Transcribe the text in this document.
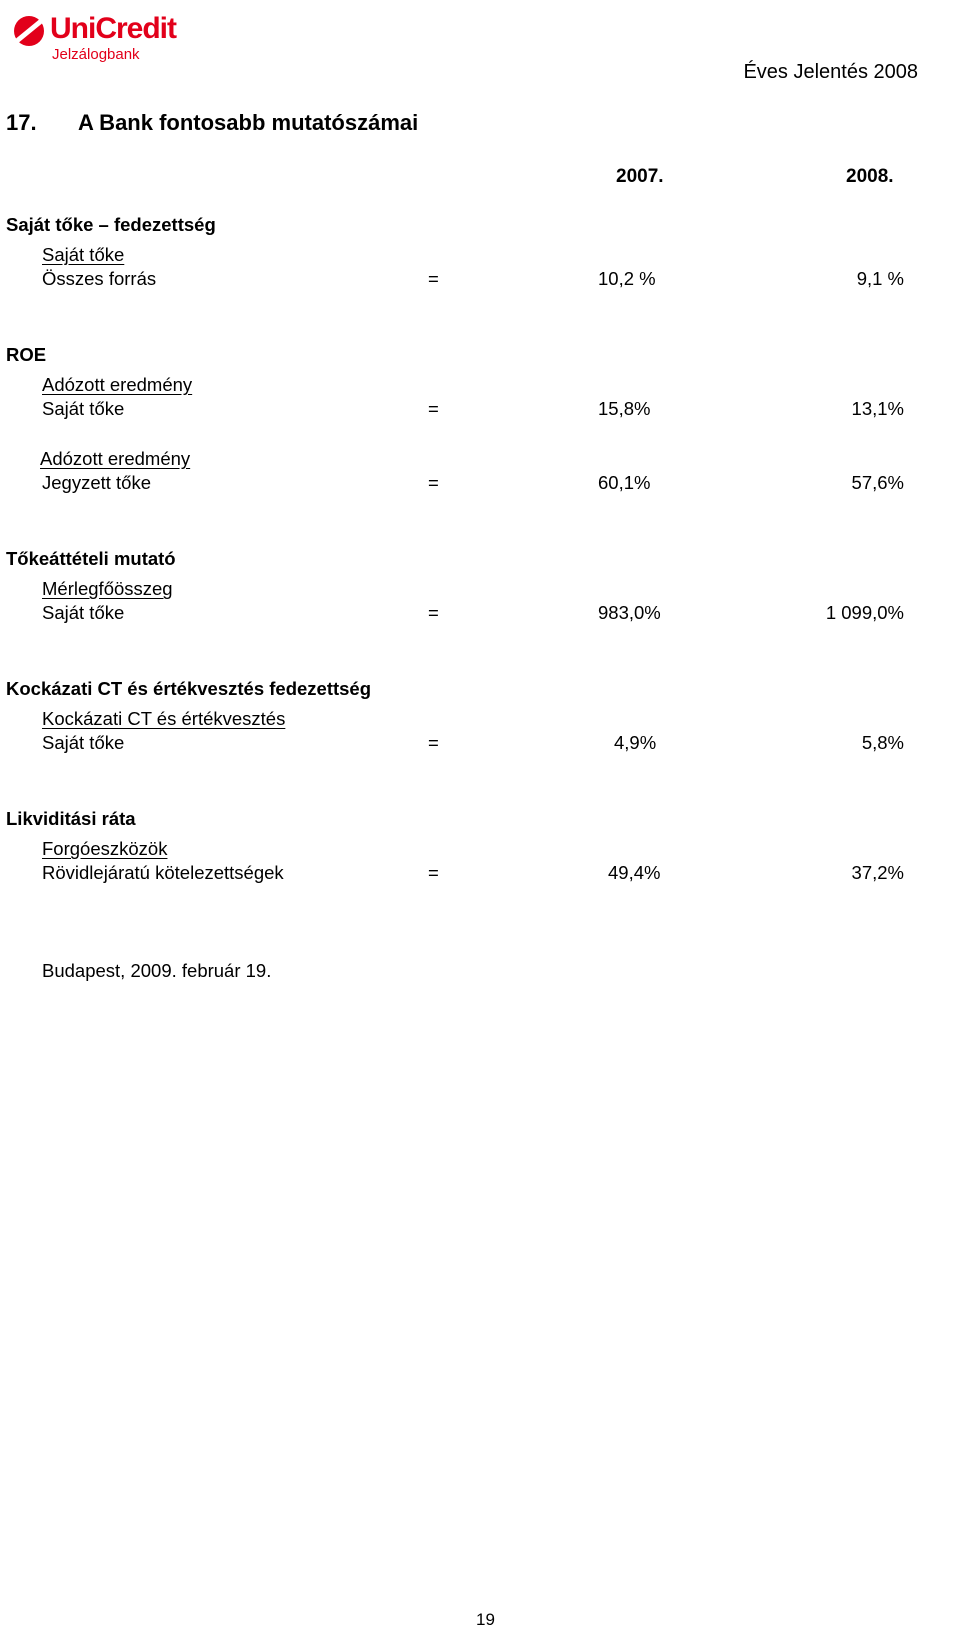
UniCredit
Jelzálogbank
Éves Jelentés 2008
17. A Bank fontosabb mutatószámai
2007.	2008.
Saját tőke – fedezettség
Saját tőke
Összes forrás	=	10,2 %	9,1 %
ROE
Adózott eredmény
Saját tőke	=	15,8%	13,1%
Adózott eredmény
Jegyzett tőke	=	60,1%	57,6%
Tőkeáttételi mutató
Mérlegfőösszeg
Saját tőke	=	983,0%	1 099,0%
Kockázati CT és értékvesztés fedezettség
Kockázati CT és értékvesztés
Saját tőke	=	4,9%	5,8%
Likviditási ráta
Forgóeszközök
Rövidlejáratú kötelezettségek	=	49,4%	37,2%
Budapest, 2009. február 19.
19
